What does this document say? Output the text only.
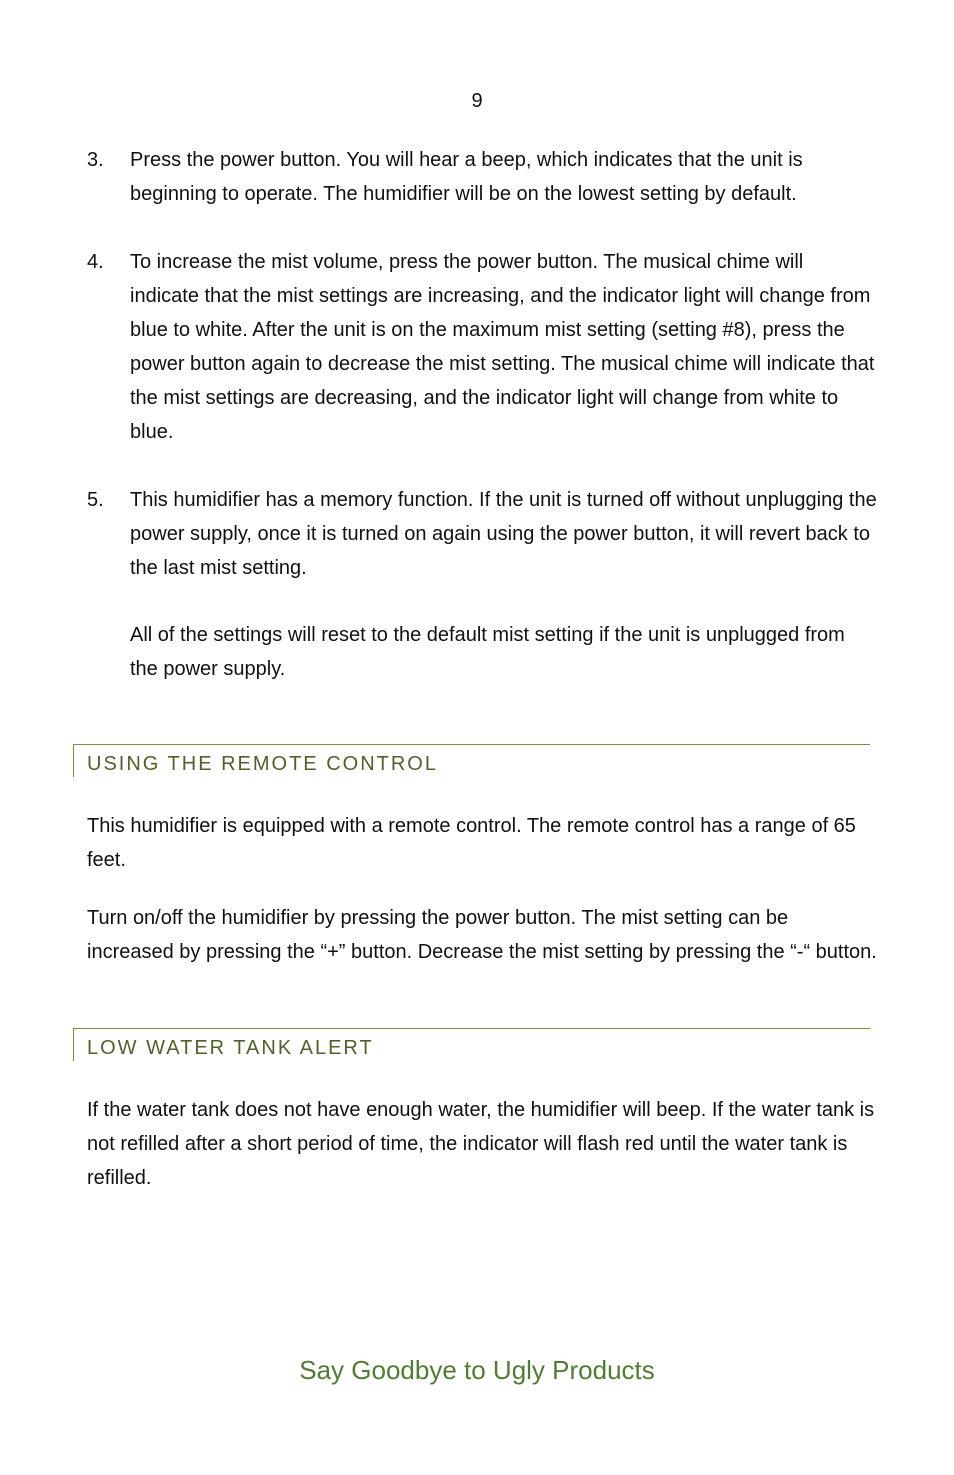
9
3. Press the power button. You will hear a beep, which indicates that the unit is beginning to operate. The humidifier will be on the lowest setting by default.

4. To increase the mist volume, press the power button. The musical chime will indicate that the mist settings are increasing, and the indicator light will change from blue to white. After the unit is on the maximum mist setting (setting #8), press the power button again to decrease the mist setting. The musical chime will indicate that the mist settings are decreasing, and the indicator light will change from white to blue.

5. This humidifier has a memory function. If the unit is turned off without unplugging the power supply, once it is turned on again using the power button, it will revert back to the last mist setting.

All of the settings will reset to the default mist setting if the unit is unplugged from the power supply.

USING THE REMOTE CONTROL

This humidifier is equipped with a remote control. The remote control has a range of 65 feet.

Turn on/off the humidifier by pressing the power button. The mist setting can be increased by pressing the “+” button. Decrease the mist setting by pressing the “-“ button.

LOW WATER TANK ALERT

If the water tank does not have enough water, the humidifier will beep. If the water tank is not refilled after a short period of time, the indicator will flash red until the water tank is refilled.

Say Goodbye to Ugly Products
